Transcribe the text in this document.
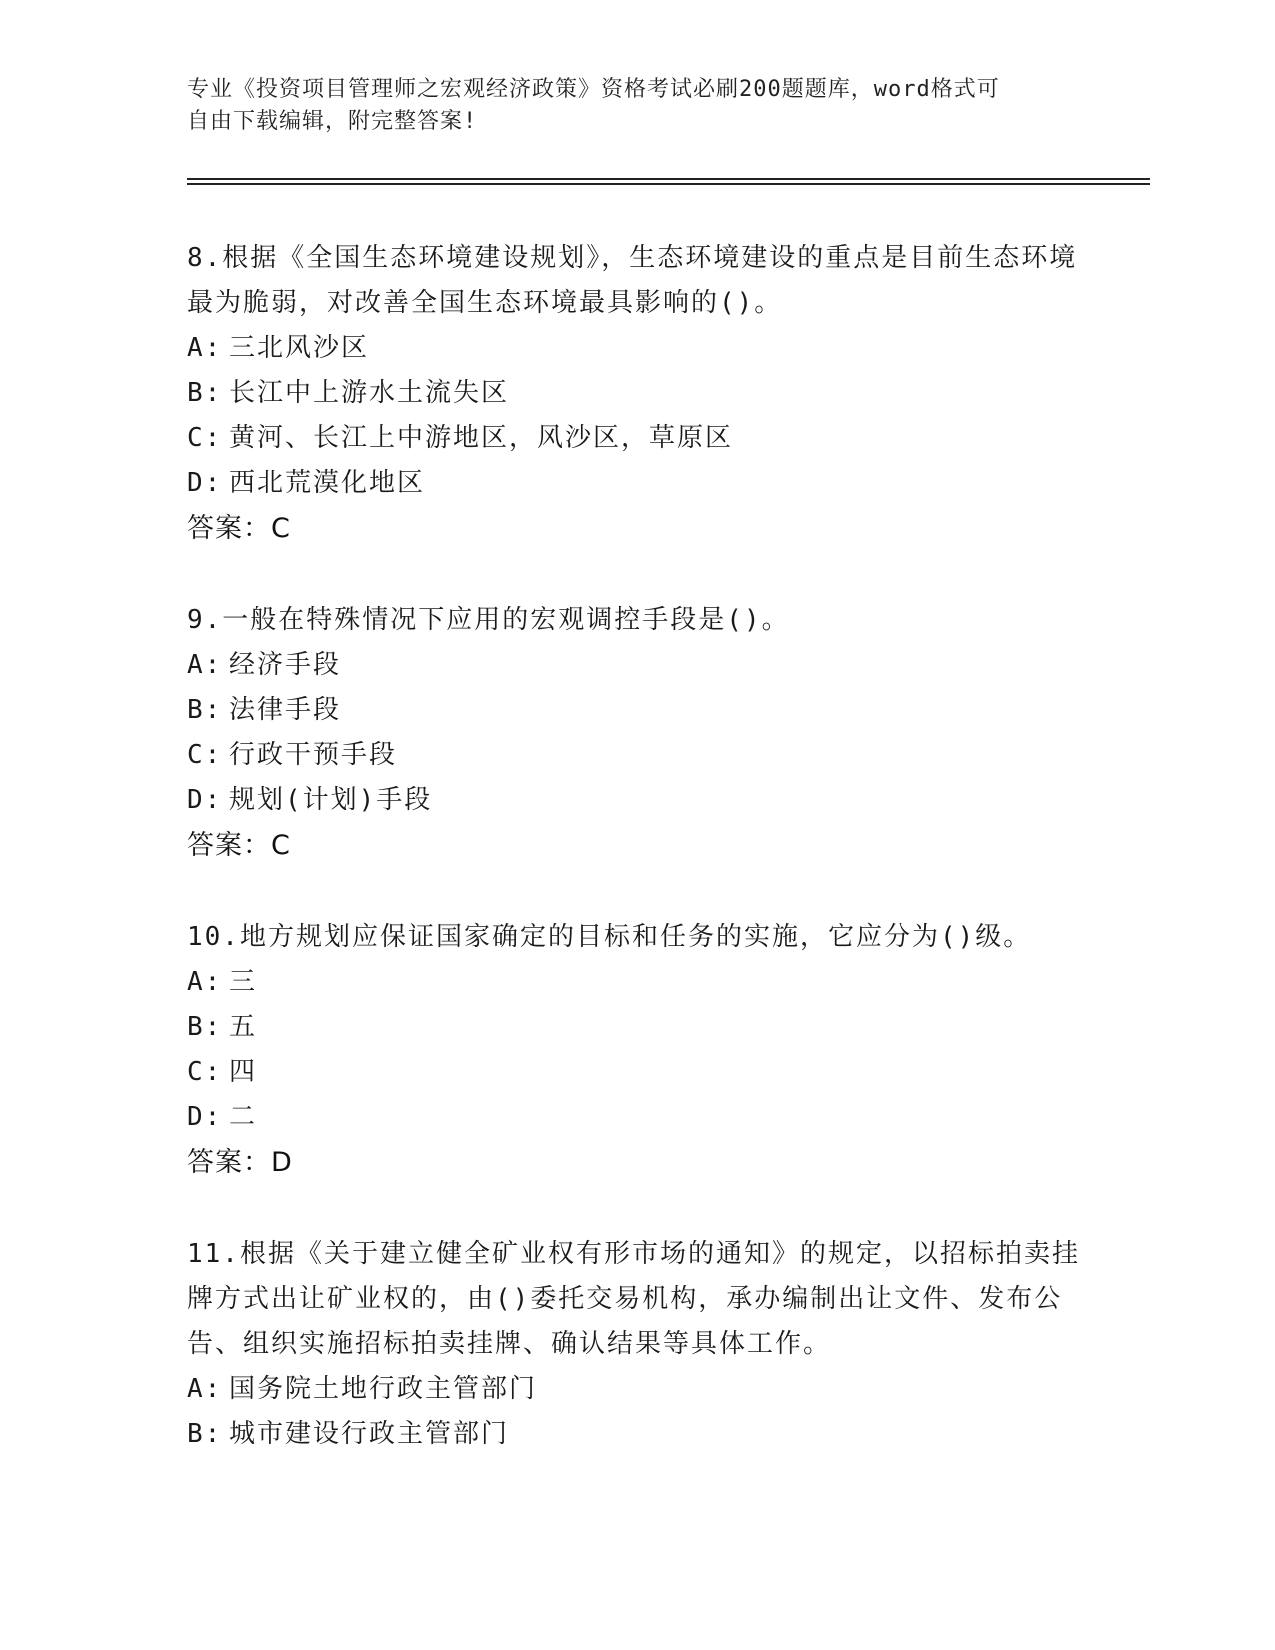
专业《投资项目管理师之宏观经济政策》资格考试必刷200题题库，word格式可
自由下载编辑，附完整答案!

8.根据《全国生态环境建设规划》，生态环境建设的重点是目前生态环境最为脆弱，对改善全国生态环境最具影响的()。

A: 三北风沙区
B: 长江中上游水土流失区
C: 黄河、长江上中游地区，风沙区，草原区
D: 西北荒漠化地区
答案：C

9.一般在特殊情况下应用的宏观调控手段是()。

A: 经济手段
B: 法律手段
C: 行政干预手段
D: 规划(计划)手段
答案：C

10.地方规划应保证国家确定的目标和任务的实施，它应分为()级。

A: 三
B: 五
C: 四
D: 二
答案：D

11.根据《关于建立健全矿业权有形市场的通知》的规定，以招标拍卖挂牌方式出让矿业权的，由()委托交易机构，承办编制出让文件、发布公告、组织实施招标拍卖挂牌、确认结果等具体工作。

A: 国务院土地行政主管部门
B: 城市建设行政主管部门
